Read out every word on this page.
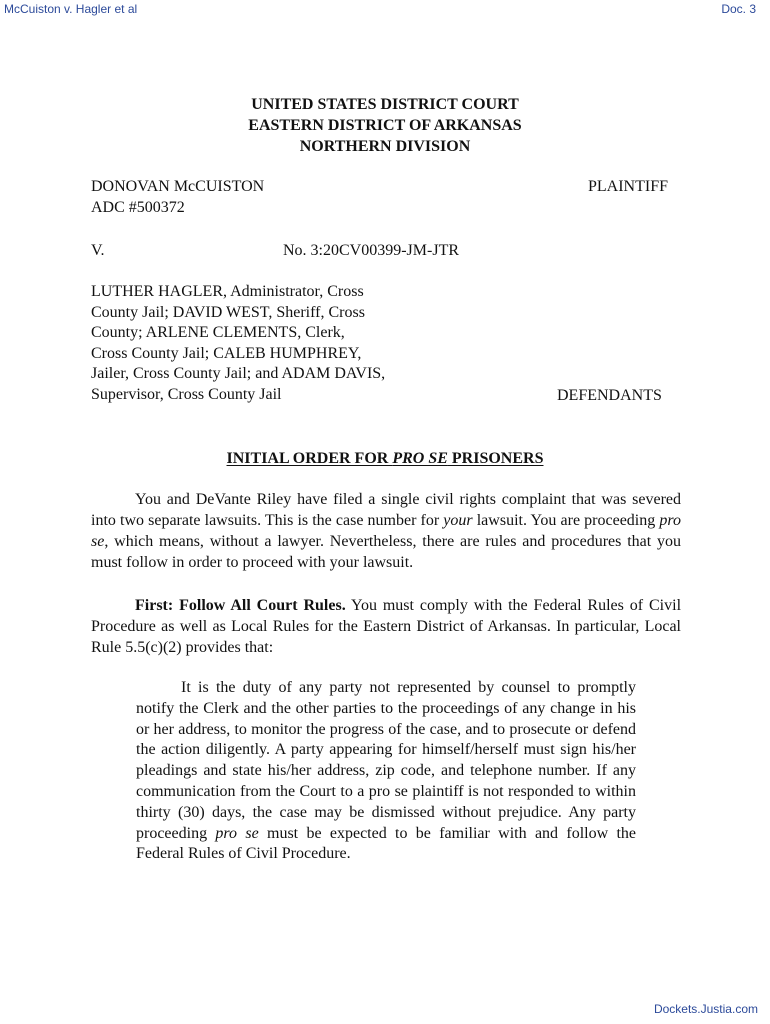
McCuiston v. Hagler et al	Doc. 3
UNITED STATES DISTRICT COURT
EASTERN DISTRICT OF ARKANSAS
NORTHERN DIVISION
DONOVAN McCUISTON
ADC #500372
PLAINTIFF
V.	No. 3:20CV00399-JM-JTR
LUTHER HAGLER, Administrator, Cross
County Jail; DAVID WEST, Sheriff, Cross
County; ARLENE CLEMENTS, Clerk,
Cross County Jail; CALEB HUMPHREY,
Jailer, Cross County Jail; and ADAM DAVIS,
Supervisor, Cross County Jail	DEFENDANTS
INITIAL ORDER FOR PRO SE PRISONERS
You and DeVante Riley have filed a single civil rights complaint that was severed into two separate lawsuits. This is the case number for your lawsuit. You are proceeding pro se, which means, without a lawyer. Nevertheless, there are rules and procedures that you must follow in order to proceed with your lawsuit.
First: Follow All Court Rules. You must comply with the Federal Rules of Civil Procedure as well as Local Rules for the Eastern District of Arkansas. In particular, Local Rule 5.5(c)(2) provides that:
It is the duty of any party not represented by counsel to promptly notify the Clerk and the other parties to the proceedings of any change in his or her address, to monitor the progress of the case, and to prosecute or defend the action diligently. A party appearing for himself/herself must sign his/her pleadings and state his/her address, zip code, and telephone number. If any communication from the Court to a pro se plaintiff is not responded to within thirty (30) days, the case may be dismissed without prejudice. Any party proceeding pro se must be expected to be familiar with and follow the Federal Rules of Civil Procedure.
Dockets.Justia.com
